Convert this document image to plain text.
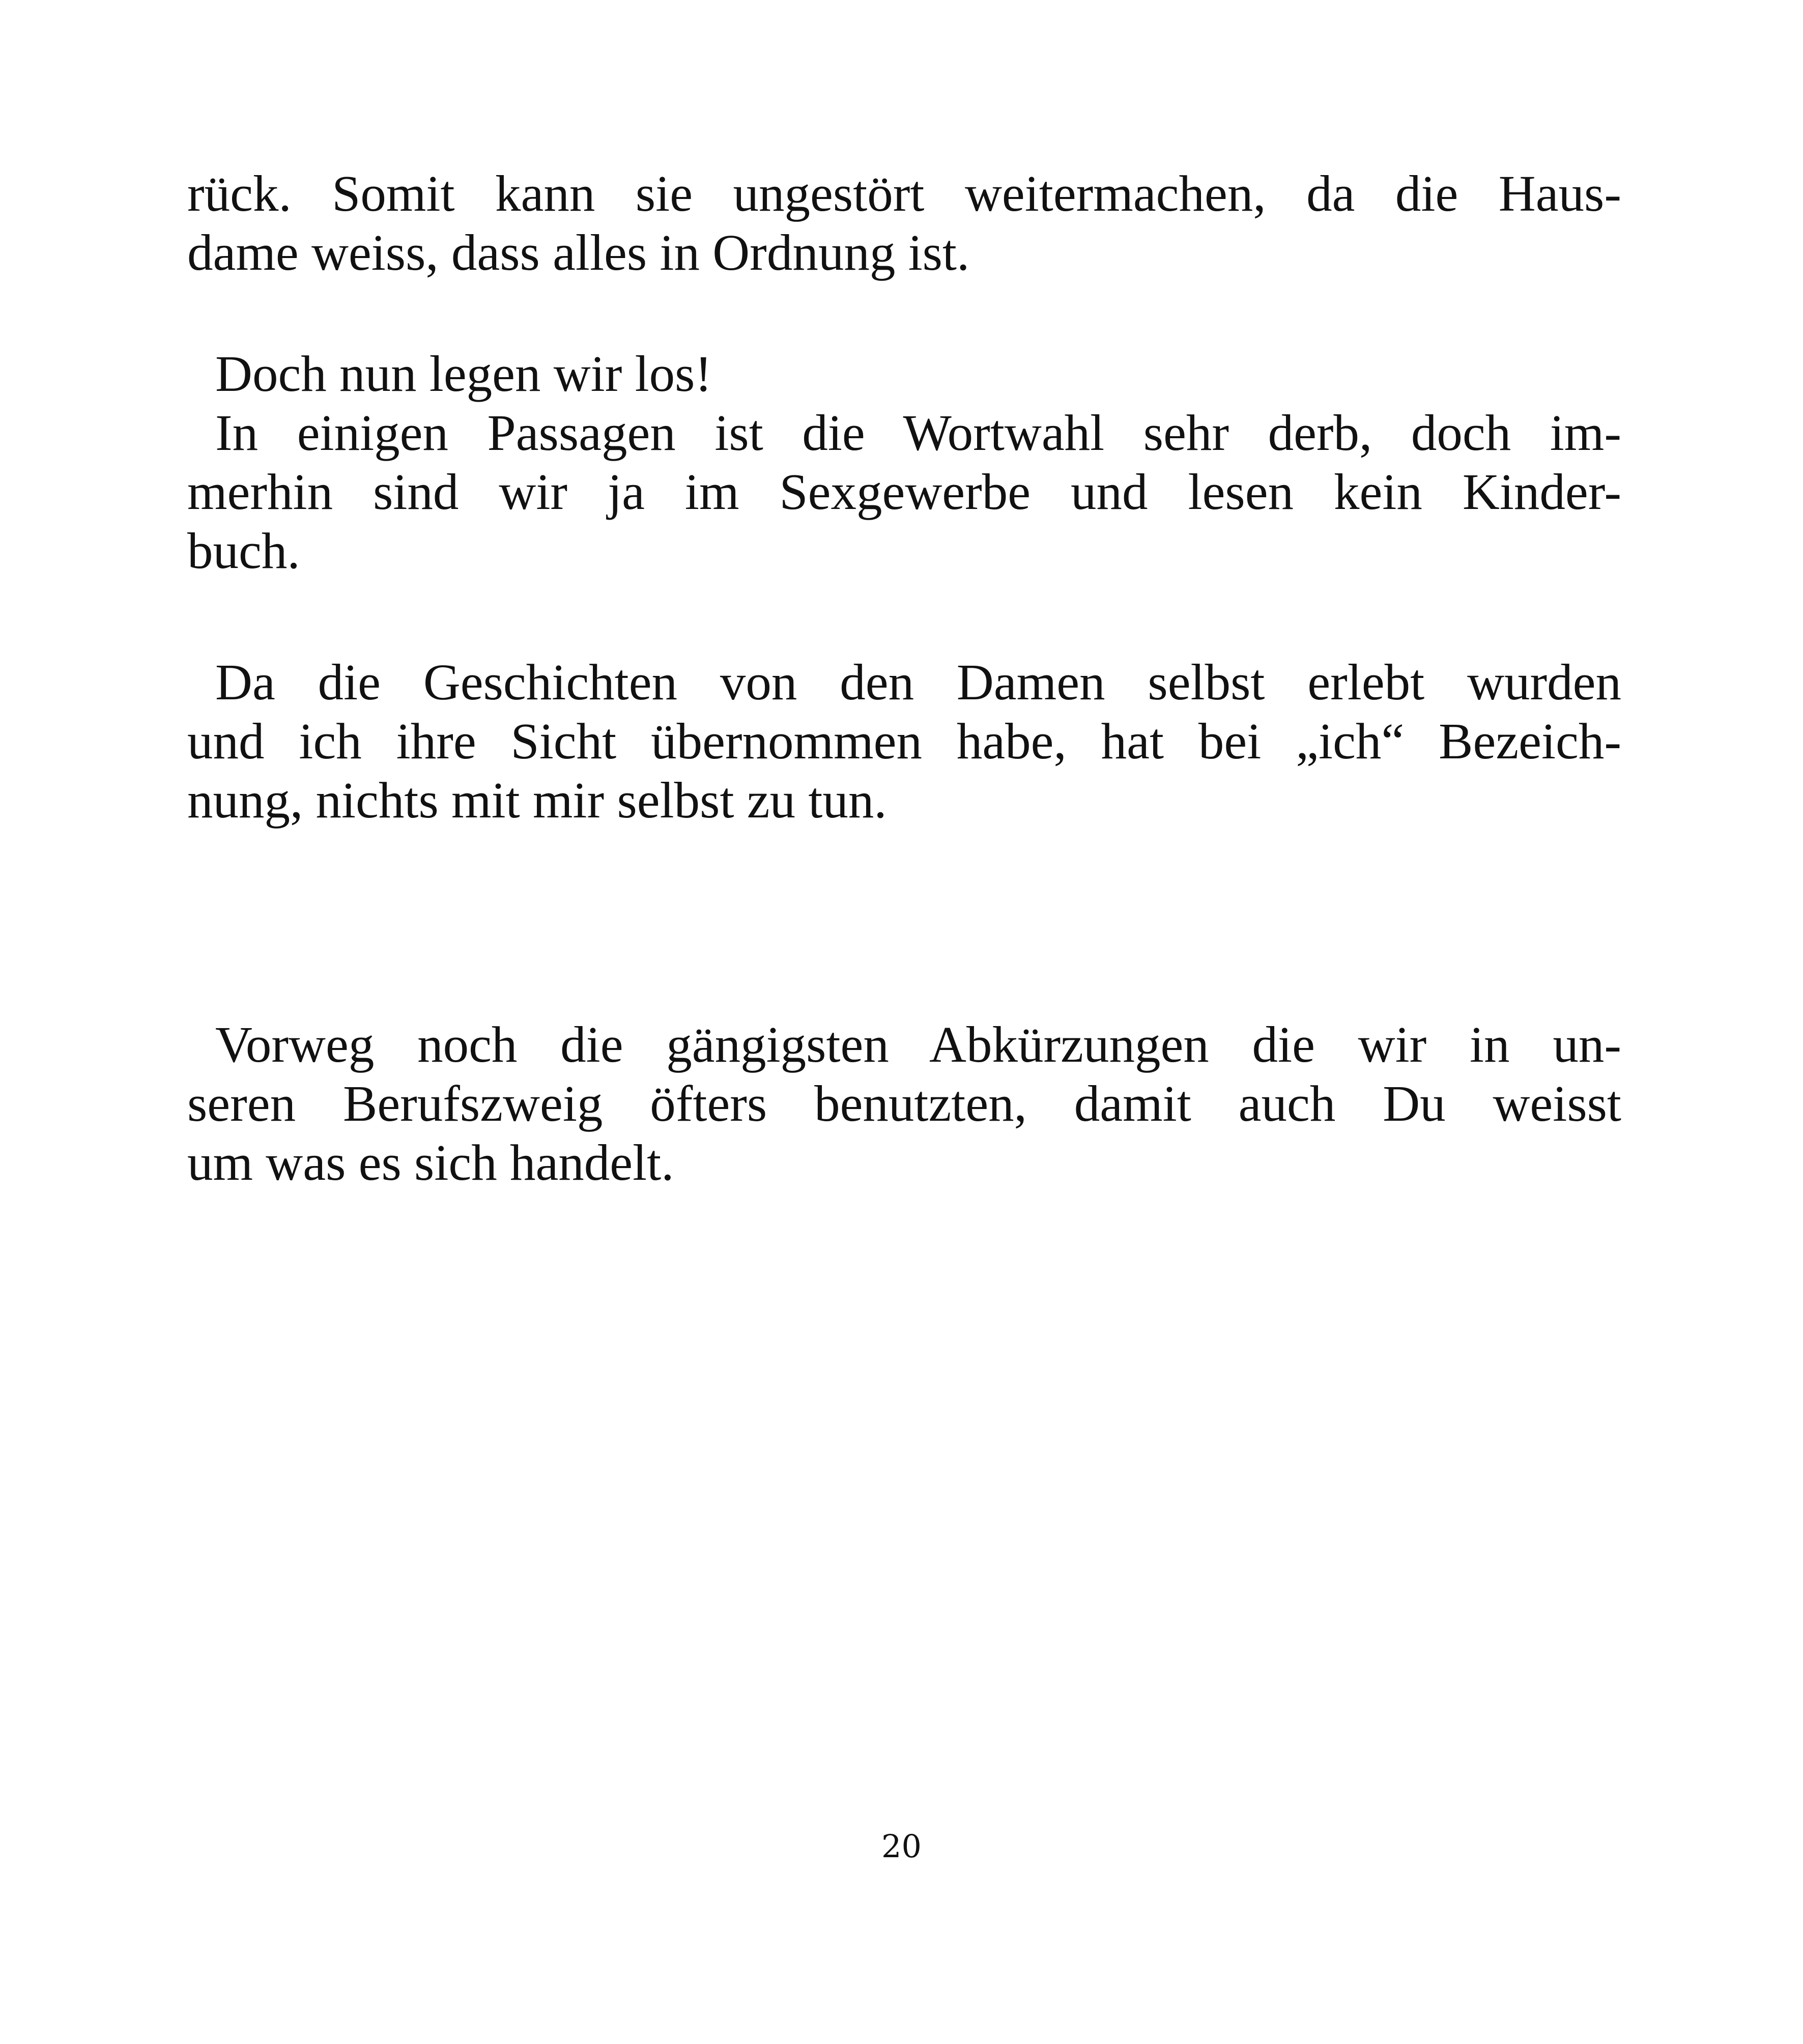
rück. Somit kann sie ungestört weitermachen, da die Haus-
dame weiss, dass alles in Ordnung ist.
Doch nun legen wir los!
In einigen Passagen ist die Wortwahl sehr derb, doch im-
merhin sind wir ja im Sexgewerbe und lesen kein Kinder-
buch.
Da die Geschichten von den Damen selbst erlebt wurden
und ich ihre Sicht übernommen habe, hat bei „ich“ Bezeich-
nung, nichts mit mir selbst zu tun.
Vorweg noch die gängigsten Abkürzungen die wir in un-
seren Berufszweig öfters benutzten, damit auch Du weisst
um was es sich handelt.
20
